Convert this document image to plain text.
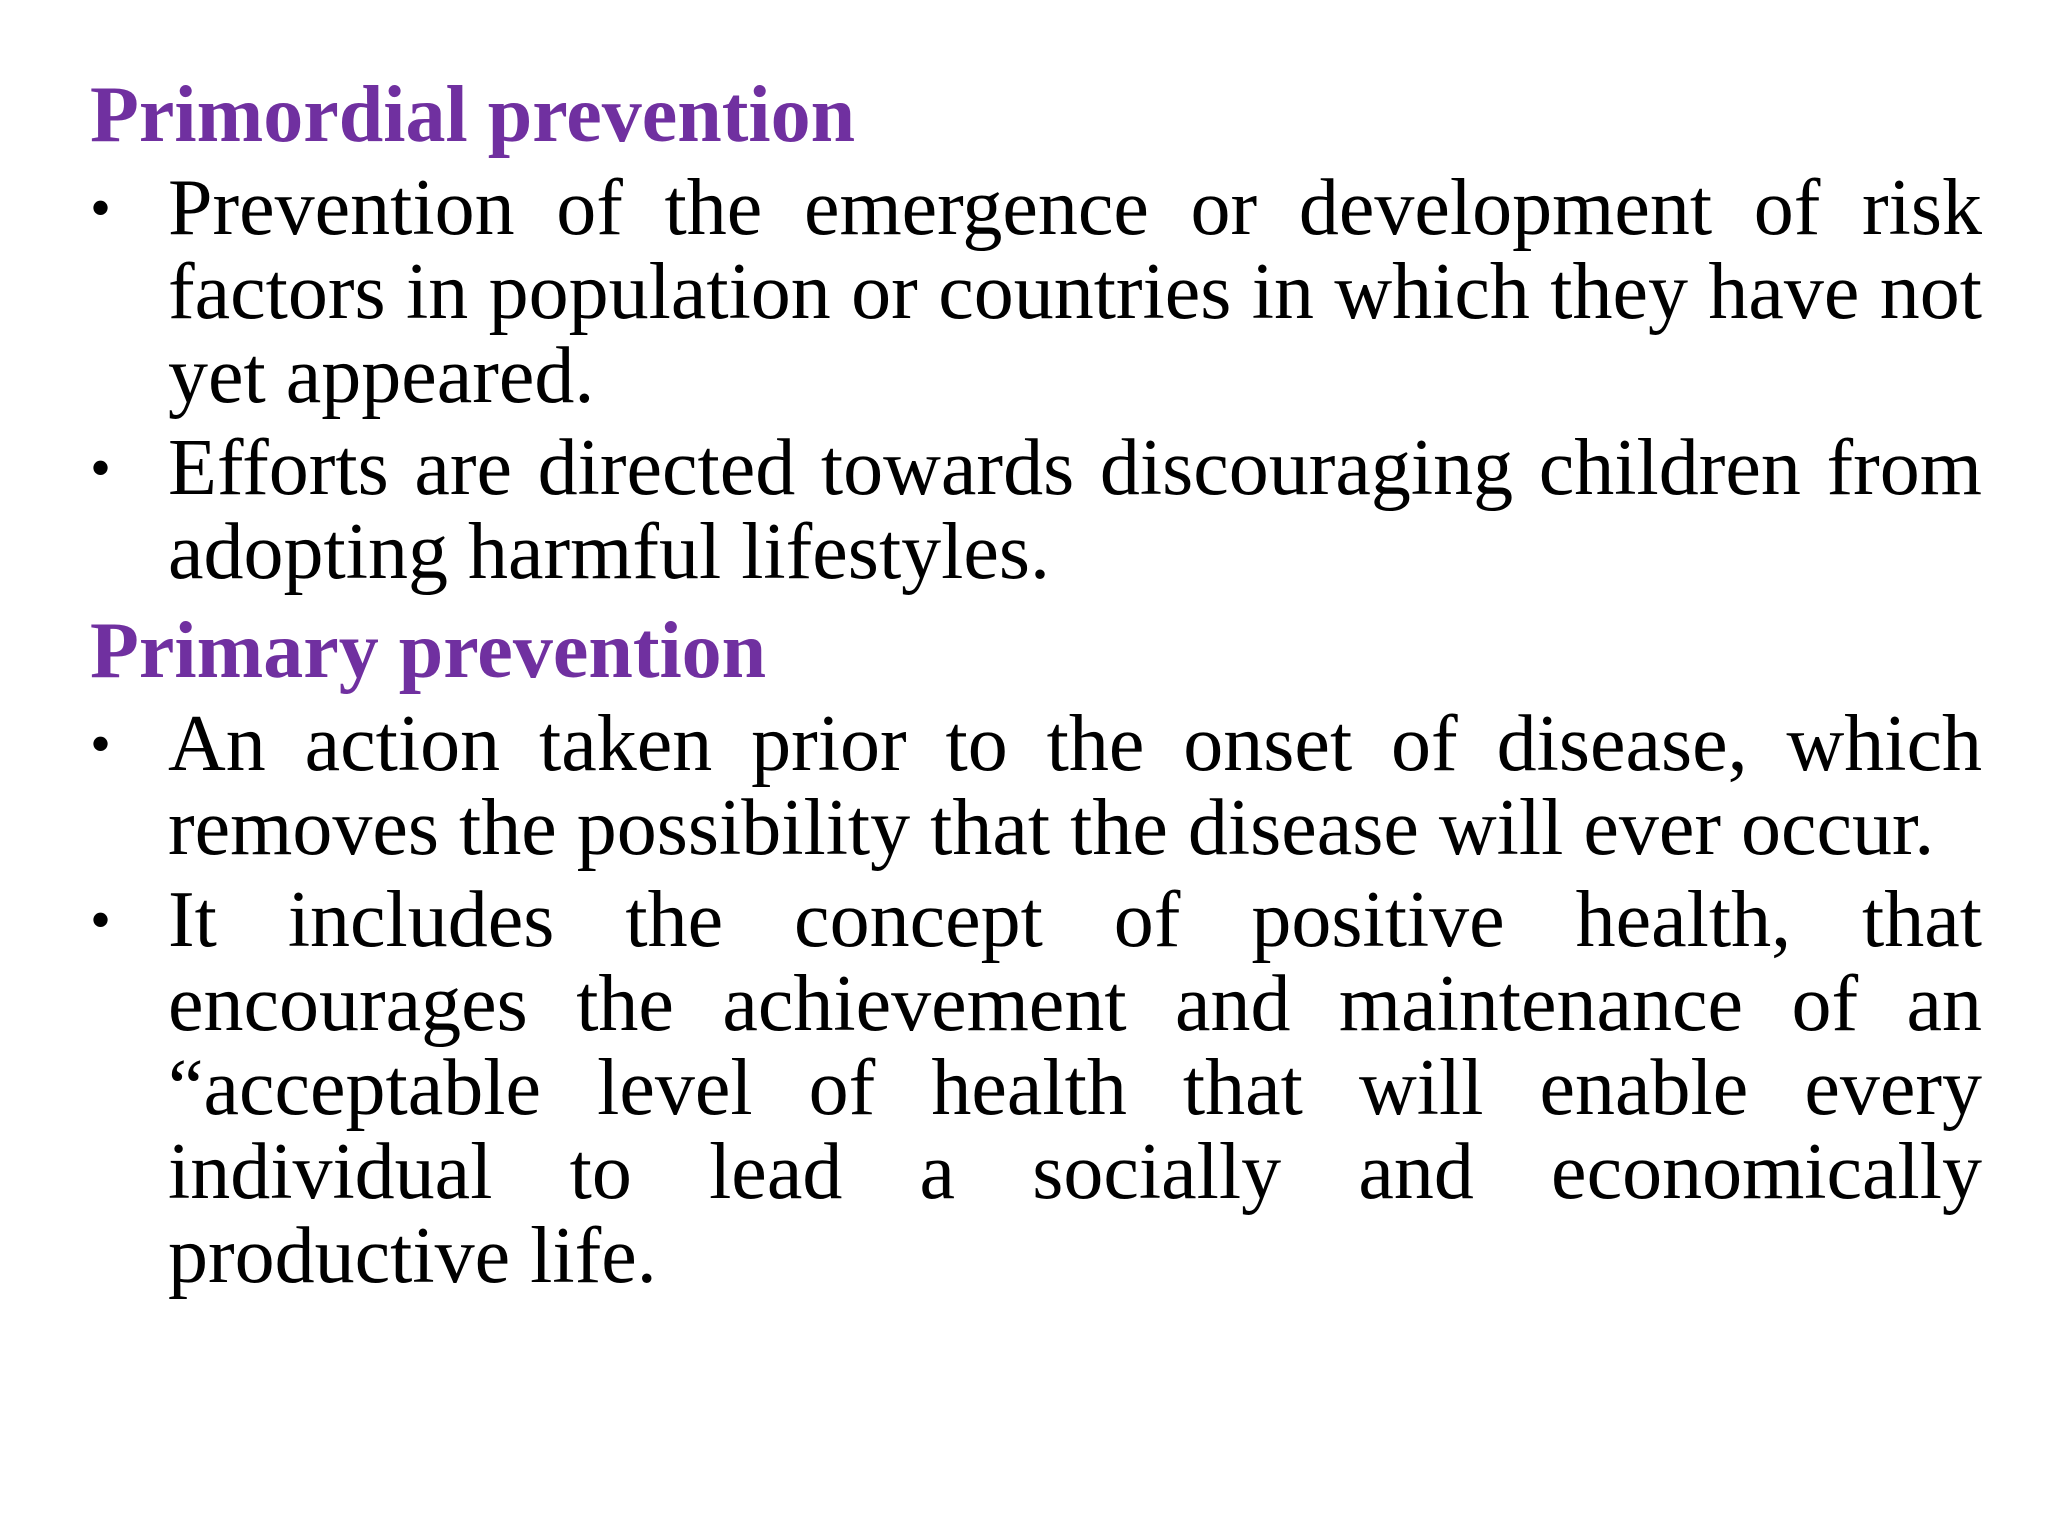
Primordial prevention
• Prevention of the emergence or development of risk factors in population or countries in which they have not yet appeared.
• Efforts are directed towards discouraging children from adopting harmful lifestyles.
Primary prevention
• An action taken prior to the onset of disease, which removes the possibility that the disease will ever occur.
• It includes the concept of positive health, that encourages the achievement and maintenance of an “acceptable level of health that will enable every individual to lead a socially and economically productive life.
